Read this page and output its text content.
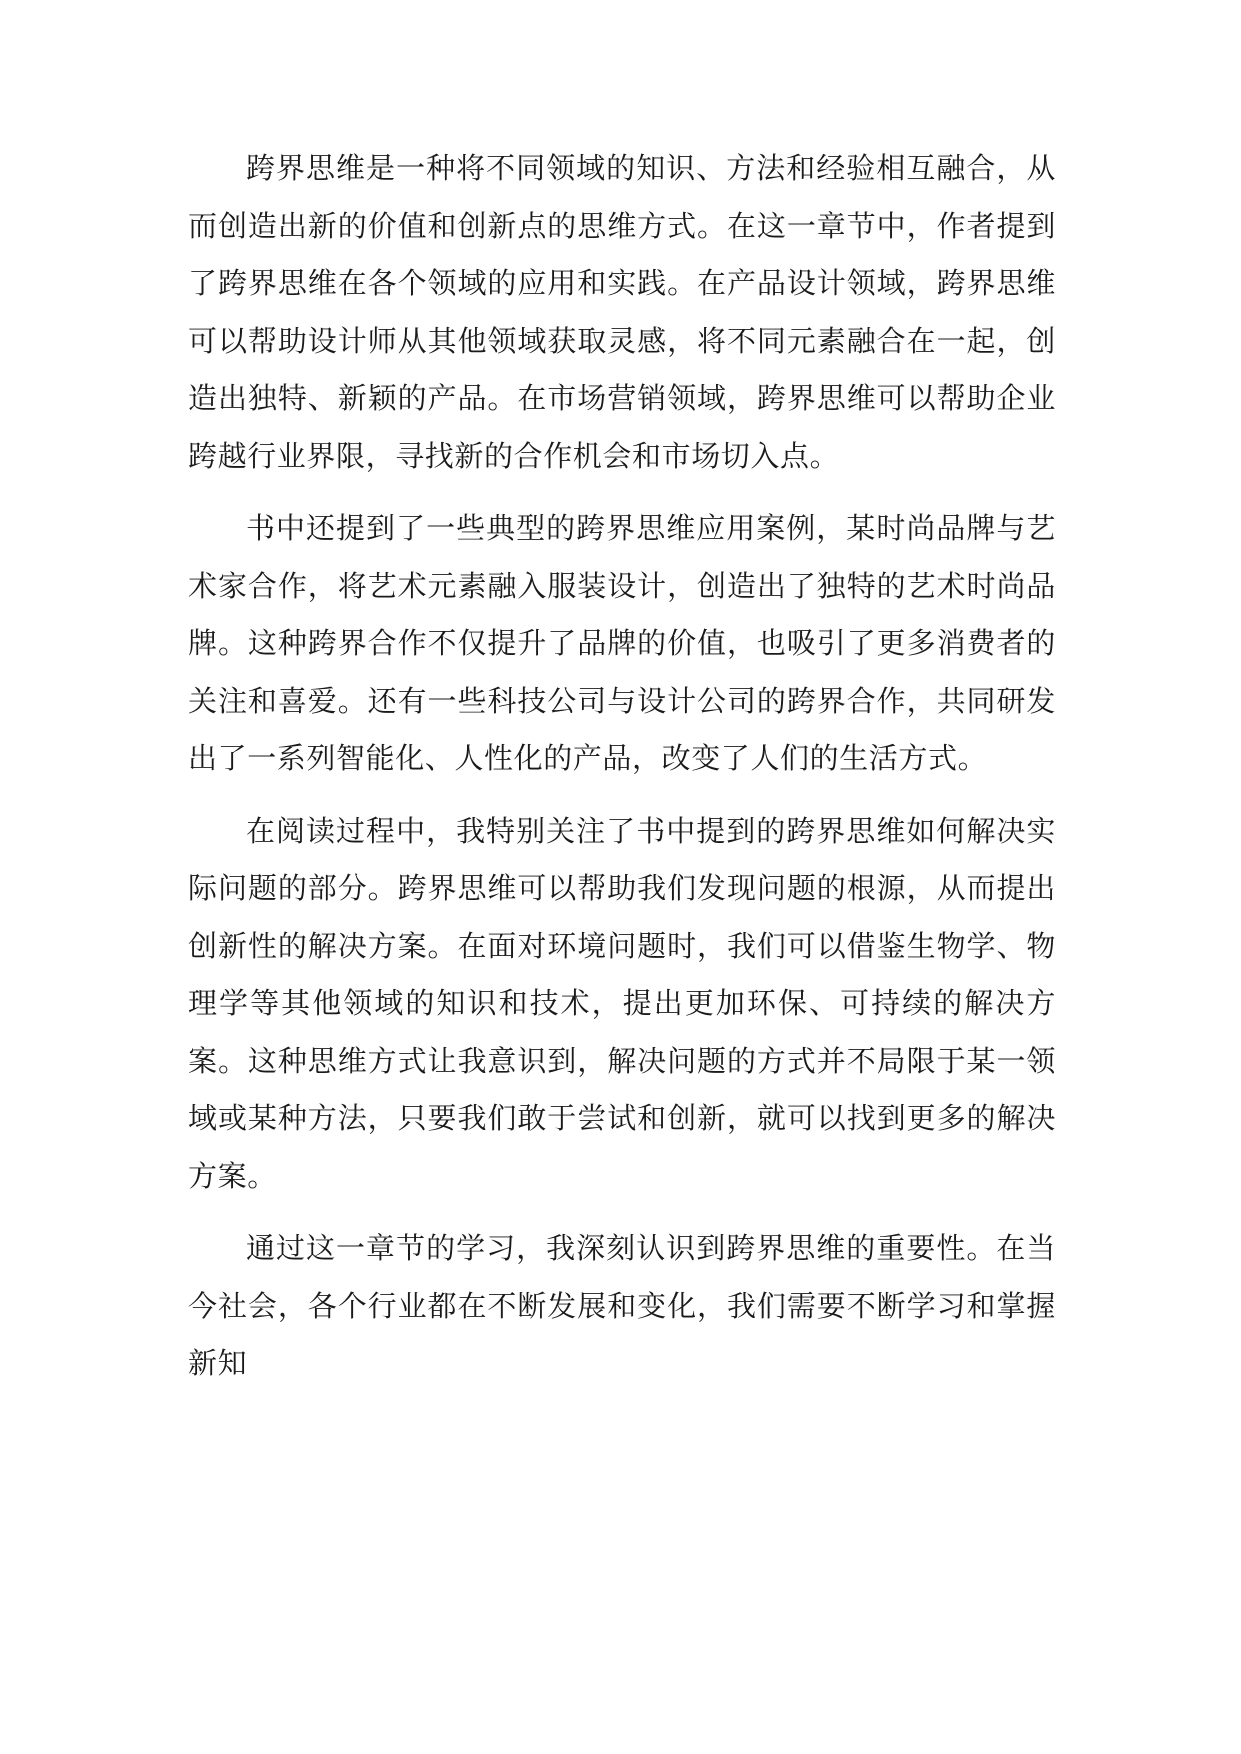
跨界思维是一种将不同领域的知识、方法和经验相互融合，从而创造出新的价值和创新点的思维方式。在这一章节中，作者提到了跨界思维在各个领域的应用和实践。在产品设计领域，跨界思维可以帮助设计师从其他领域获取灵感，将不同元素融合在一起，创造出独特、新颖的产品。在市场营销领域，跨界思维可以帮助企业跨越行业界限，寻找新的合作机会和市场切入点。

书中还提到了一些典型的跨界思维应用案例，某时尚品牌与艺术家合作，将艺术元素融入服装设计，创造出了独特的艺术时尚品牌。这种跨界合作不仅提升了品牌的价值，也吸引了更多消费者的关注和喜爱。还有一些科技公司与设计公司的跨界合作，共同研发出了一系列智能化、人性化的产品，改变了人们的生活方式。

在阅读过程中，我特别关注了书中提到的跨界思维如何解决实际问题的部分。跨界思维可以帮助我们发现问题的根源，从而提出创新性的解决方案。在面对环境问题时，我们可以借鉴生物学、物理学等其他领域的知识和技术，提出更加环保、可持续的解决方案。这种思维方式让我意识到，解决问题的方式并不局限于某一领域或某种方法，只要我们敢于尝试和创新，就可以找到更多的解决方案。

通过这一章节的学习，我深刻认识到跨界思维的重要性。在当今社会，各个行业都在不断发展和变化，我们需要不断学习和掌握新知
